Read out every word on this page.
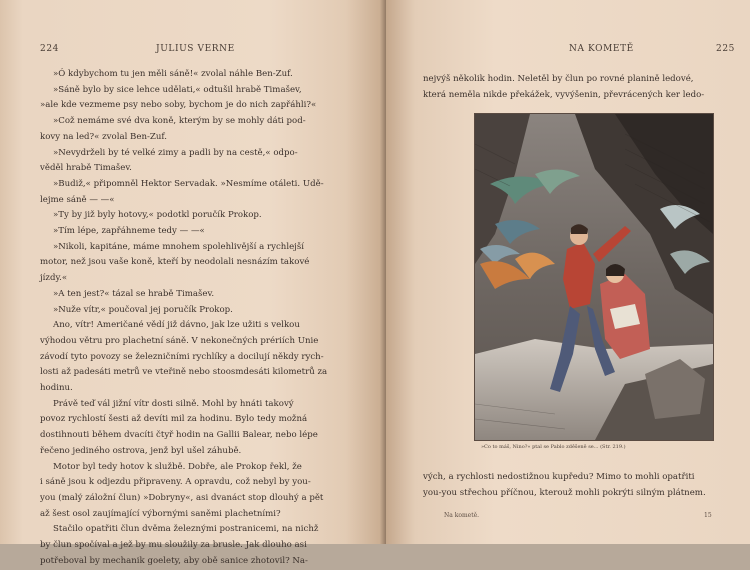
224	JULIUS VERNE

»Ó kdybychom tu jen měli sáně!« zvolal náhle Ben-Zuf.

»Sáně bylo by sice lehce udělati,« odtušil hrabě Timašev,

»ale kde vezmeme psy nebo soby, bychom je do nich zapřáhli?«

»Což nemáme své dva koně, kterým by se mohly dáti pod-

kovy na led?« zvolal Ben-Zuf.

»Nevydrželi by té velké zimy a padli by na cestě,« odpo-

věděl hrabě Timašev.

»Budiž,« připomněl Hektor Servadak. »Nesmíme otáleti. Udě-

lejme sáně — —«

»Ty by již byly hotovy,« podotkl poručík Prokop.

»Tím lépe, zapřáhneme tedy — —«

»Nikoli, kapitáne, máme mnohem spolehlivější a rychlejší

motor, než jsou vaše koně, kteří by neodolali nesnázím takové

jízdy.«

»A ten jest?« tázal se hrabě Timašev.

»Nuže vítr,« poučoval jej poručík Prokop.

Ano, vítr! Američané vědí již dávno, jak lze užiti s velkou

výhodou větru pro plachetní sáně. V nekonečných prériích Unie

závodí tyto povozy se železničními rychlíky a docilují někdy rych-

losti až padesáti metrů ve vteřině nebo stoosmdesáti kilometrů za

hodinu.

Právě teď vál jižní vítr dosti silně. Mohl by hnáti takový

povoz rychlostí šesti až devíti mil za hodinu. Bylo tedy možná

dostihnouti během dvacíti čtyř hodin na Gallii Balear, nebo lépe

řečeno jediného ostrova, jenž byl ušel záhubě.

Motor byl tedy hotov k službě. Dobře, ale Prokop řekl, že

i sáně jsou k odjezdu připraveny. A opravdu, což nebyl by you-

you (malý záložní člun) »Dobryny«, asi dvanáct stop dlouhý a pět

až šest osol zaujímající výbornými saněmi plachetními?

Stačilo opatřiti člun dvěma železnými postranicemi, na nichž

by člun spočíval a jež by mu sloužily za brusle. Jak dlouho asi

potřeboval by mechanik goelety, aby obě sanice zhotovil? Na-

NA KOMETĚ	225

nejvýš několik hodin. Neletěl by člun po rovné planině ledové,

která neměla nikde překážek, vyvýšenin, převrácených ker ledo-

»Co to máš, Nino?« ptal se Pablo zděšeně se... (Str. 219.)

vých, a rychlosti nedostižnou kupředu? Mimo to mohli opatřiti

you-you střechou příčnou, kterouž mohli pokrýti silným plátnem.

Na kometě.	15
